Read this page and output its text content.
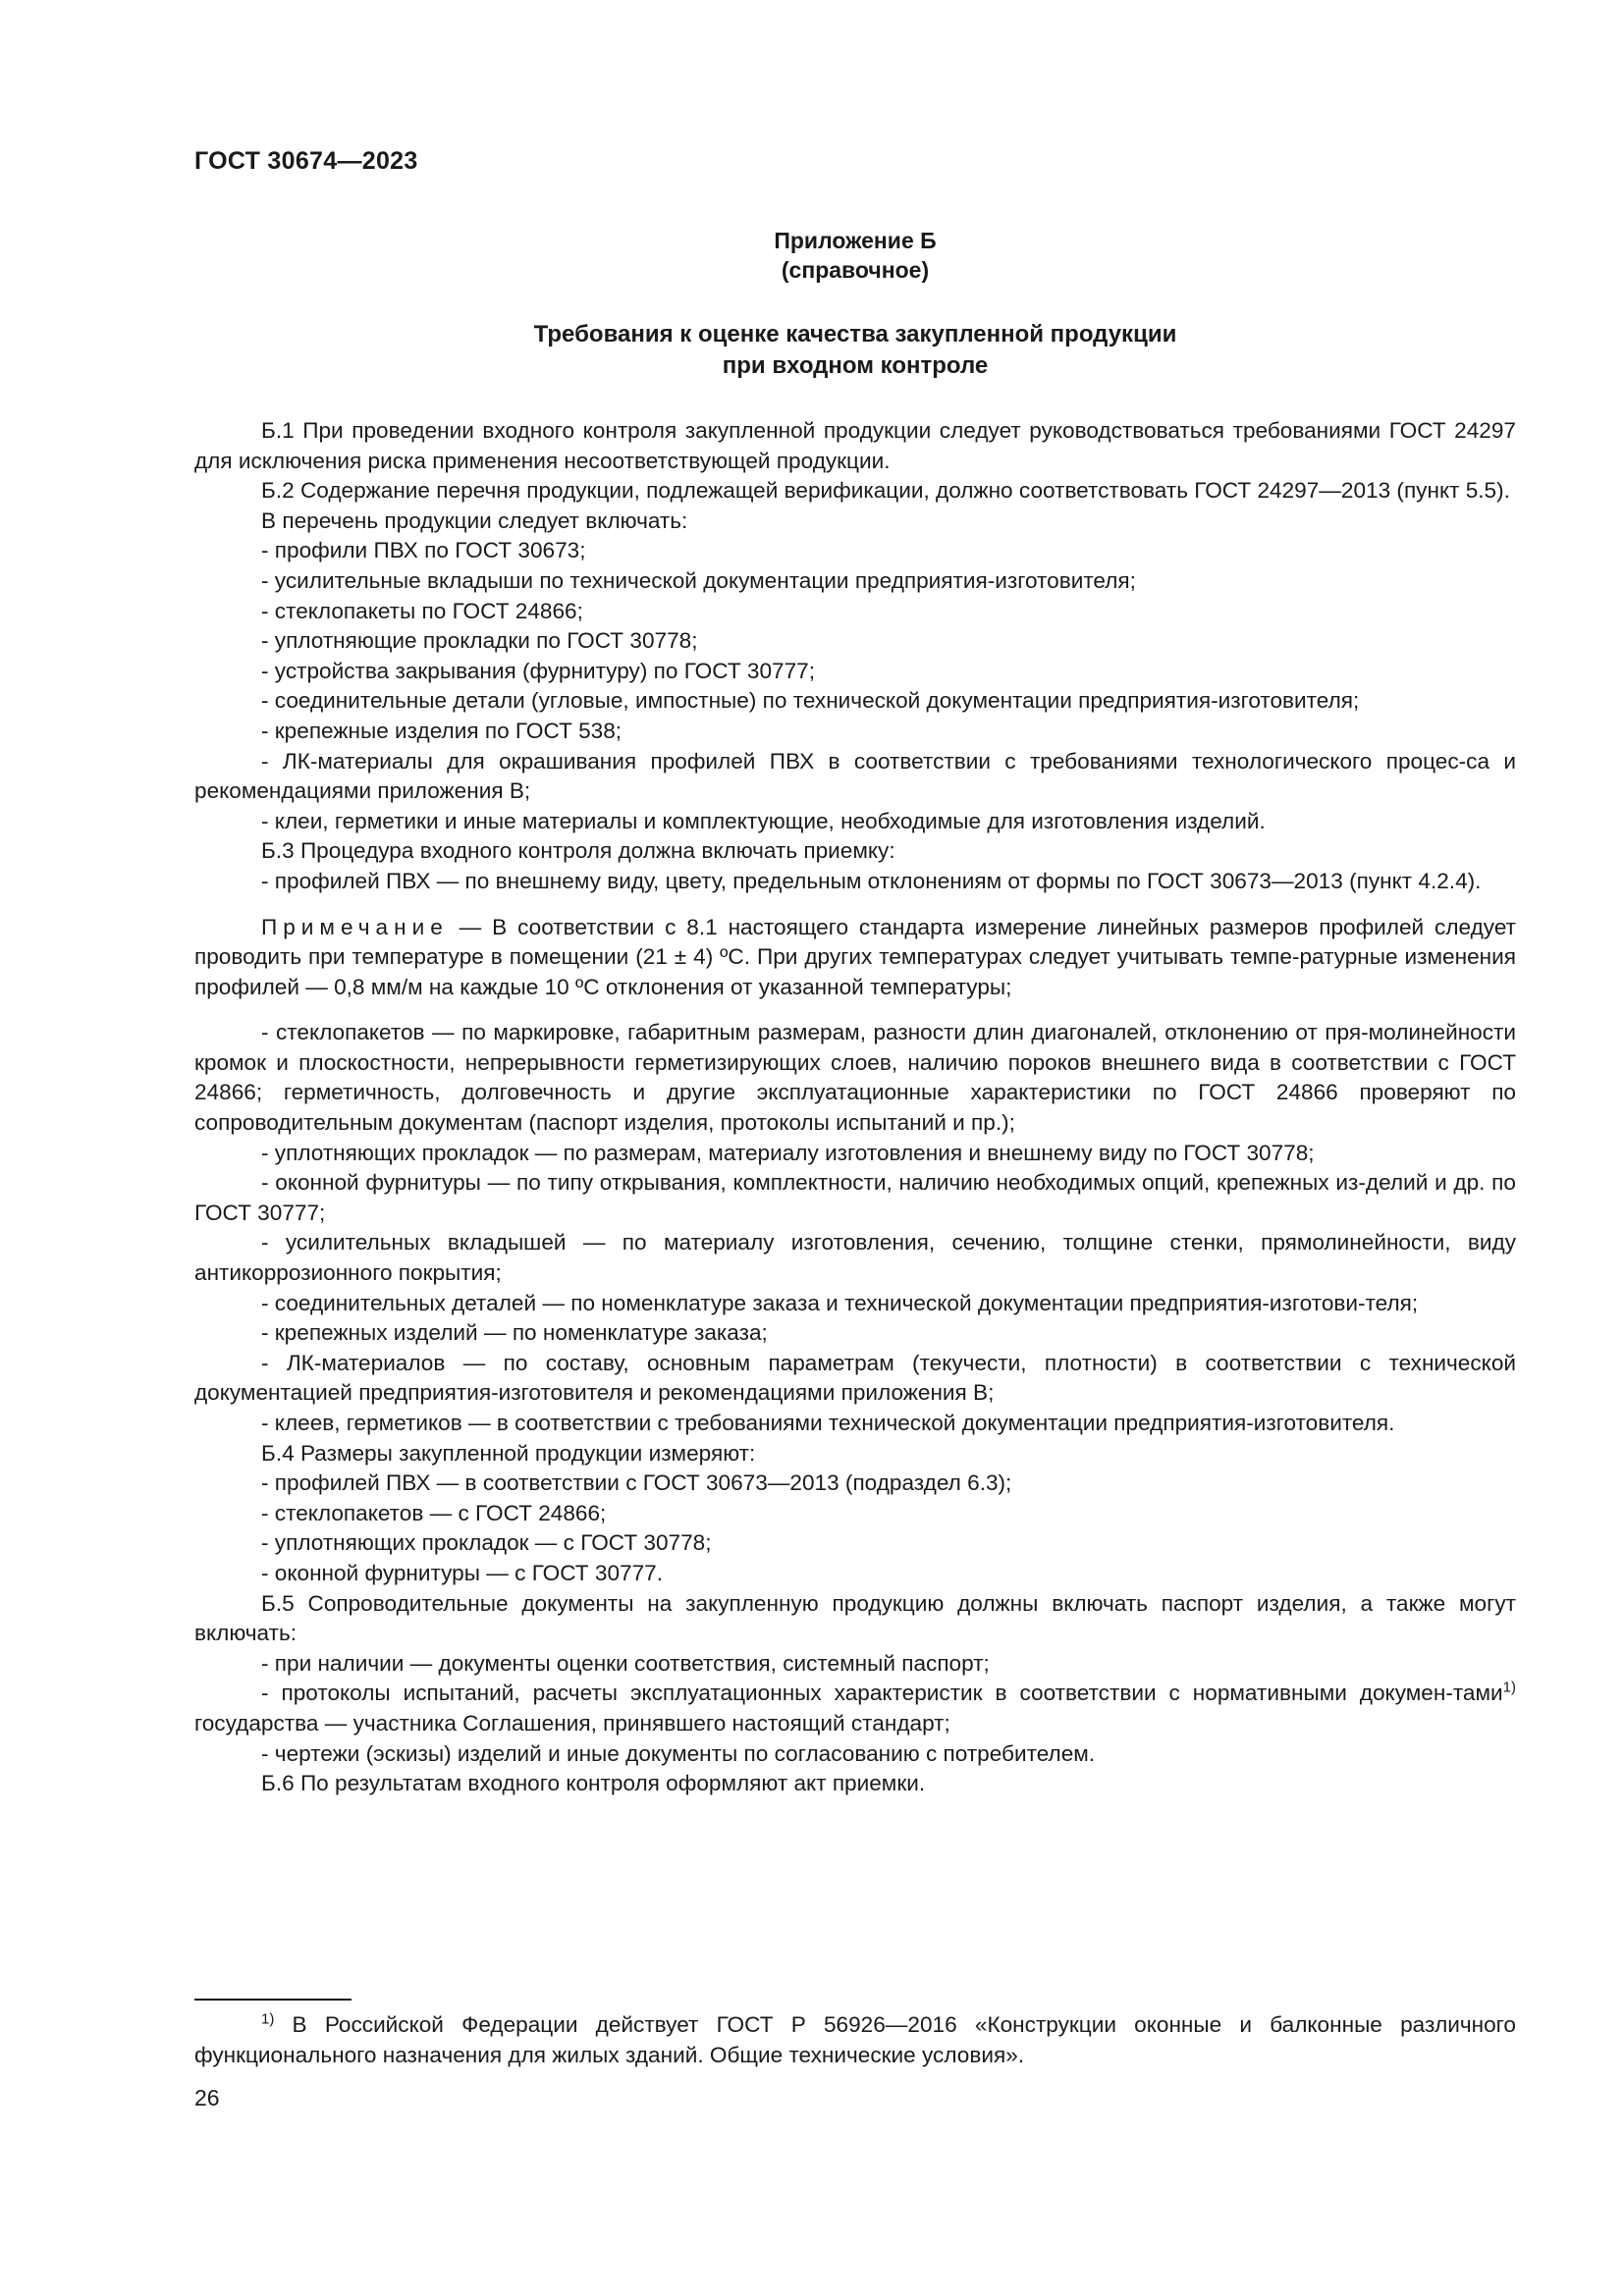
ГОСТ 30674—2023
Приложение Б
(справочное)
Требования к оценке качества закупленной продукции
при входном контроле

Б.1 При проведении входного контроля закупленной продукции следует руководствоваться требованиями ГОСТ 24297 для исключения риска применения несоответствующей продукции.

Б.2 Содержание перечня продукции, подлежащей верификации, должно соответствовать ГОСТ 24297—2013 (пункт 5.5).

В перечень продукции следует включать:

- профили ПВХ по ГОСТ 30673;

- усилительные вкладыши по технической документации предприятия-изготовителя;

- стеклопакеты по ГОСТ 24866;

- уплотняющие прокладки по ГОСТ 30778;

- устройства закрывания (фурнитуру) по ГОСТ 30777;

- соединительные детали (угловые, импостные) по технической документации предприятия-изготовителя;

- крепежные изделия по ГОСТ 538;

- ЛК-материалы для окрашивания профилей ПВХ в соответствии с требованиями технологического процес-са и рекомендациями приложения В;

- клеи, герметики и иные материалы и комплектующие, необходимые для изготовления изделий.

Б.3 Процедура входного контроля должна включать приемку:

- профилей ПВХ — по внешнему виду, цвету, предельным отклонениям от формы по ГОСТ 30673—2013 (пункт 4.2.4).

Примечание — В соответствии с 8.1 настоящего стандарта измерение линейных размеров профилей следует проводить при температуре в помещении (21 ± 4) ºС. При других температурах следует учитывать темпе-ратурные изменения профилей — 0,8 мм/м на каждые 10 ºС отклонения от указанной температуры;

- стеклопакетов — по маркировке, габаритным размерам, разности длин диагоналей, отклонению от пря-молинейности кромок и плоскостности, непрерывности герметизирующих слоев, наличию пороков внешнего вида в соответствии с ГОСТ 24866; герметичность, долговечность и другие эксплуатационные характеристики по ГОСТ 24866 проверяют по сопроводительным документам (паспорт изделия, протоколы испытаний и пр.);

- уплотняющих прокладок — по размерам, материалу изготовления и внешнему виду по ГОСТ 30778;

- оконной фурнитуры — по типу открывания, комплектности, наличию необходимых опций, крепежных из-делий и др. по ГОСТ 30777;

- усилительных вкладышей — по материалу изготовления, сечению, толщине стенки, прямолинейности, виду антикоррозионного покрытия;

- соединительных деталей — по номенклатуре заказа и технической документации предприятия-изготови-теля;

- крепежных изделий — по номенклатуре заказа;

- ЛК-материалов — по составу, основным параметрам (текучести, плотности) в соответствии с технической документацией предприятия-изготовителя и рекомендациями приложения В;

- клеев, герметиков — в соответствии с требованиями технической документации предприятия-изготовителя.

Б.4 Размеры закупленной продукции измеряют:

- профилей ПВХ — в соответствии с ГОСТ 30673—2013 (подраздел 6.3);

- стеклопакетов — с ГОСТ 24866;

- уплотняющих прокладок — с ГОСТ 30778;

- оконной фурнитуры — с ГОСТ 30777.

Б.5 Сопроводительные документы на закупленную продукцию должны включать паспорт изделия, а также могут включать:

- при наличии — документы оценки соответствия, системный паспорт;

- протоколы испытаний, расчеты эксплуатационных характеристик в соответствии с нормативными докумен-тами$^{1)}$ государства — участника Соглашения, принявшего настоящий стандарт;

- чертежи (эскизы) изделий и иные документы по согласованию с потребителем.

Б.6 По результатам входного контроля оформляют акт приемки.

$^{1)}$ В Российской Федерации действует ГОСТ Р 56926—2016 «Конструкции оконные и балконные различного функционального назначения для жилых зданий. Общие технические условия».

26
